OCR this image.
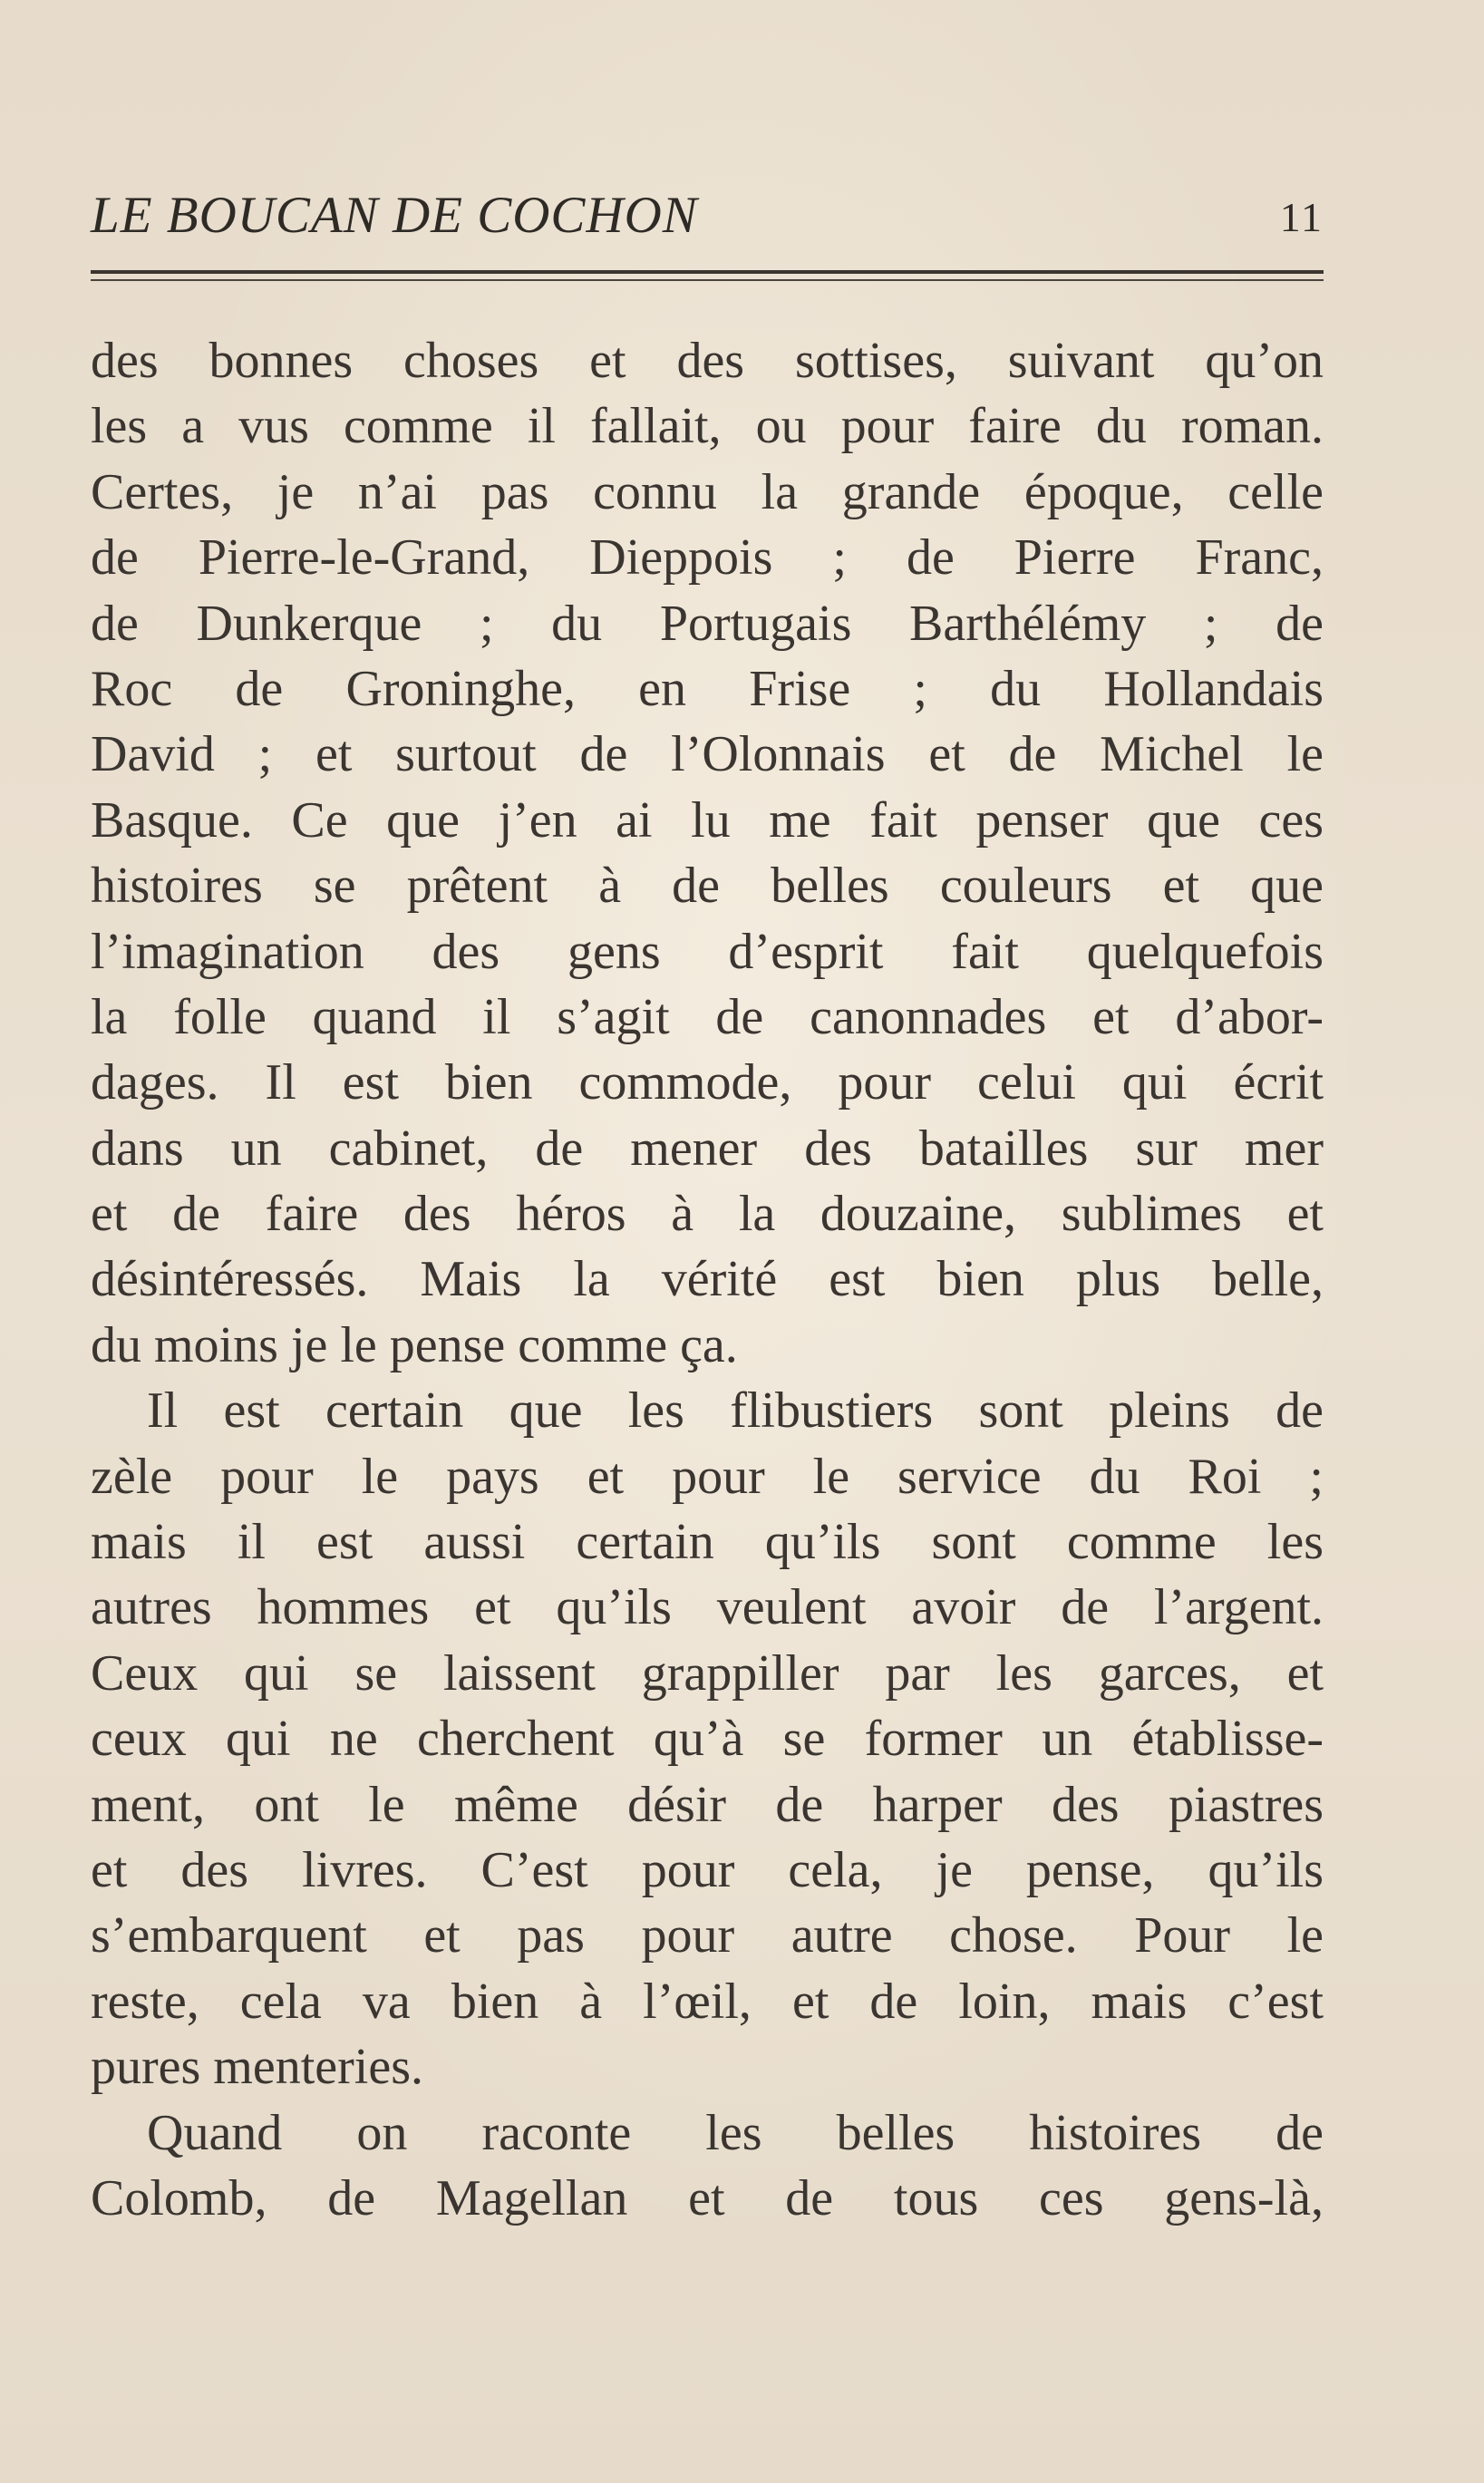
LE BOUCAN DE COCHON	11
des bonnes choses et des sottises, suivant qu’on
les a vus comme il fallait, ou pour faire du roman.
Certes, je n’ai pas connu la grande époque, celle
de Pierre-le-Grand, Dieppois ; de Pierre Franc,
de Dunkerque ; du Portugais Barthélémy ; de
Roc de Groninghe, en Frise ; du Hollandais
David ; et surtout de l’Olonnais et de Michel le
Basque. Ce que j’en ai lu me fait penser que ces
histoires se prêtent à de belles couleurs et que
l’imagination des gens d’esprit fait quelquefois
la folle quand il s’agit de canonnades et d’abor-
dages. Il est bien commode, pour celui qui écrit
dans un cabinet, de mener des batailles sur mer
et de faire des héros à la douzaine, sublimes et
désintéressés. Mais la vérité est bien plus belle,
du moins je le pense comme ça.
Il est certain que les flibustiers sont pleins de
zèle pour le pays et pour le service du Roi ;
mais il est aussi certain qu’ils sont comme les
autres hommes et qu’ils veulent avoir de l’argent.
Ceux qui se laissent grappiller par les garces, et
ceux qui ne cherchent qu’à se former un établisse-
ment, ont le même désir de harper des piastres
et des livres. C’est pour cela, je pense, qu’ils
s’embarquent et pas pour autre chose. Pour le
reste, cela va bien à l’œil, et de loin, mais c’est
pures menteries.
Quand on raconte les belles histoires de
Colomb, de Magellan et de tous ces gens-là,
